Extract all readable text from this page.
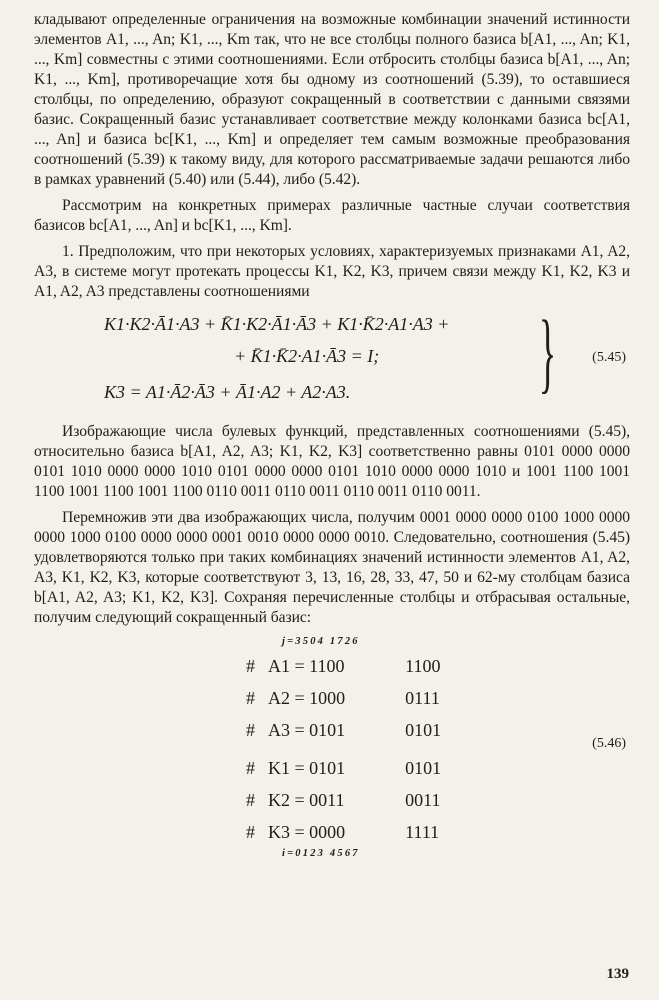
кладывают определенные ограничения на возможные комбинации значений истинности элементов A1, ..., An; K1, ..., Km так, что не все столбцы полного базиса b[A1, ..., An; K1, ..., Km] совместны с этими соотношениями. Если отбросить столбцы базиса b[A1, ..., An; K1, ..., Km], противоречащие хотя бы одному из соотношений (5.39), то оставшиеся столбцы, по определению, образуют сокращенный в соответствии с данными связями базис. Сокращенный базис устанавливает соответствие между колонками базиса bc[A1, ..., An] и базиса bc[K1, ..., Km] и определяет тем самым возможные преобразования соотношений (5.39) к такому виду, для которого рассматриваемые задачи решаются либо в рамках уравнений (5.40) или (5.44), либо (5.42).

Рассмотрим на конкретных примерах различные частные случаи соответствия базисов bc[A1, ..., An] и bc[K1, ..., Km].

1. Предположим, что при некоторых условиях, характеризуемых признаками A1, A2, A3, в системе могут протекать процессы K1, K2, K3, причем связи между K1, K2, K3 и A1, A2, A3 представлены соотношениями

K1·K2·Ā1·A3 + K̄1·K2·Ā1·Ā3 + K1·K̄2·A1·A3 +
+ K̄1·K̄2·A1·Ā3 = I;
K3 = A1·Ā2·Ā3 + Ā1·A2 + A2·A3. }	(5.45)

Изображающие числа булевых функций, представленных соотношениями (5.45), относительно базиса b[A1, A2, A3; K1, K2, K3] соответственно равны 0101 0000 0000 0101 1010 0000 0000 1010 0101 0000 0000 0101 1010 0000 0000 1010 и 1001 1100 1001 1100 1001 1100 1001 1100 0110 0011 0110 0011 0110 0011 0110 0011.

Перемножив эти два изображающих числа, получим 0001 0000 0000 0100 1000 0000 0000 1000 0100 0000 0000 0001 0010 0000 0000 0010. Следовательно, соотношения (5.45) удовлетворяются только при таких комбинациях значений истинности элементов A1, A2, A3, K1, K2, K3, которые соответствуют 3, 13, 16, 28, 33, 47, 50 и 62-му столбцам базиса b[A1, A2, A3; K1, K2, K3]. Сохраняя перечисленные столбцы и отбрасывая остальные, получим следующий сокращенный базис:

j=3504 1726
# A1 = 1100	1100
# A2 = 1000	0111
# A3 = 0101	0101
# K1 = 0101	0101
# K2 = 0011	0011
# K3 = 0000	1111
i=0123 4567
(5.46)
139
